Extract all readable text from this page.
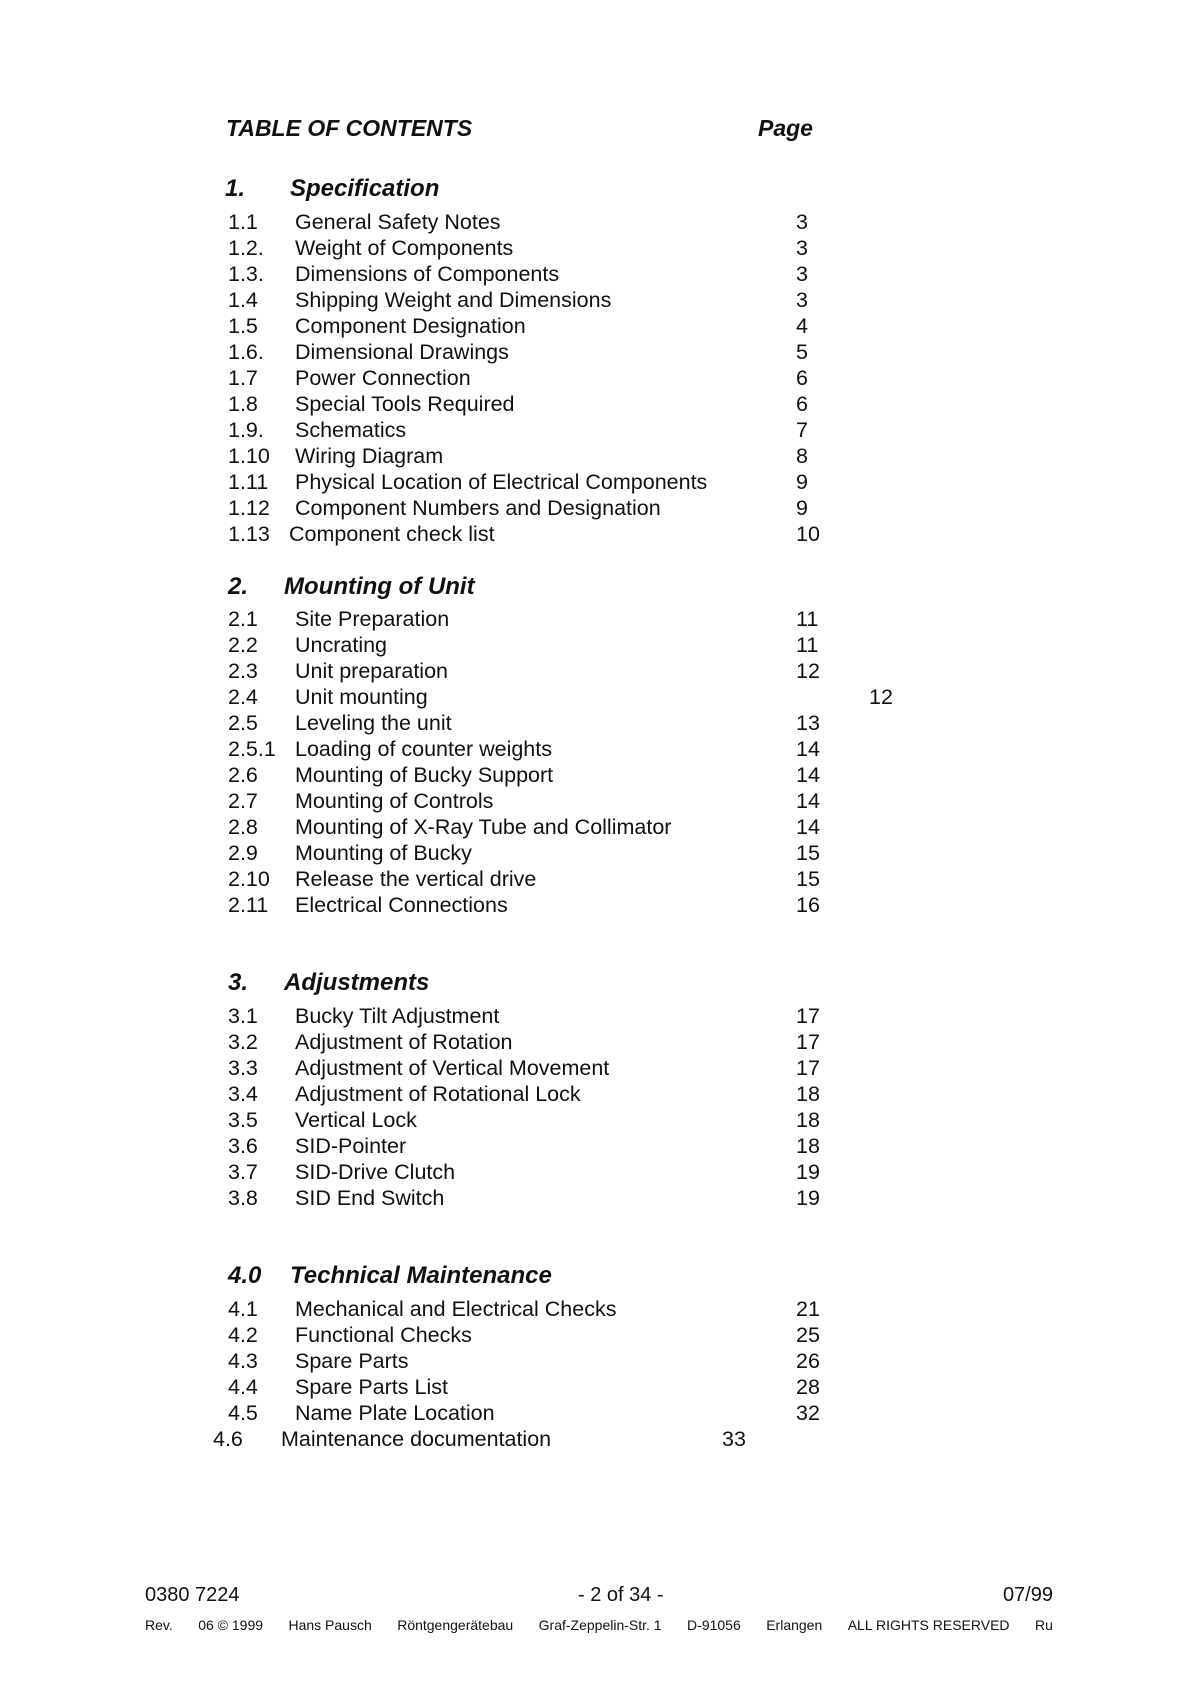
TABLE OF CONTENTS	Page
1. Specification
1.1 General Safety Notes	3
1.2. Weight of Components	3
1.3. Dimensions of Components	3
1.4 Shipping Weight and Dimensions	3
1.5 Component Designation	4
1.6. Dimensional Drawings	5
1.7 Power Connection	6
1.8 Special Tools Required	6
1.9. Schematics	7
1.10 Wiring Diagram	8
1.11 Physical Location of Electrical Components	9
1.12 Component Numbers and Designation	9
1.13 Component check list	10
2. Mounting of Unit
2.1 Site Preparation	11
2.2 Uncrating	11
2.3 Unit preparation	12
2.4 Unit mounting	12
2.5 Leveling the unit	13
2.5.1 Loading of counter weights	14
2.6 Mounting of Bucky Support	14
2.7 Mounting of Controls	14
2.8 Mounting of X-Ray Tube and Collimator	14
2.9 Mounting of Bucky	15
2.10 Release the vertical drive	15
2.11 Electrical Connections	16
3. Adjustments
3.1 Bucky Tilt Adjustment	17
3.2 Adjustment of Rotation	17
3.3 Adjustment of Vertical Movement	17
3.4 Adjustment of Rotational Lock	18
3.5 Vertical Lock	18
3.6 SID-Pointer	18
3.7 SID-Drive Clutch	19
3.8 SID End Switch	19
4.0 Technical Maintenance
4.1 Mechanical and Electrical Checks	21
4.2 Functional Checks	25
4.3 Spare Parts	26
4.4 Spare Parts List	28
4.5 Name Plate Location	32
4.6 Maintenance documentation	33
0380 7224	- 2 of 34 -	07/99
Rev. 06 © 1999 Hans Pausch Röntgengerätebau Graf-Zeppelin-Str. 1 D-91056 Erlangen ALL RIGHTS RESERVED Ru
